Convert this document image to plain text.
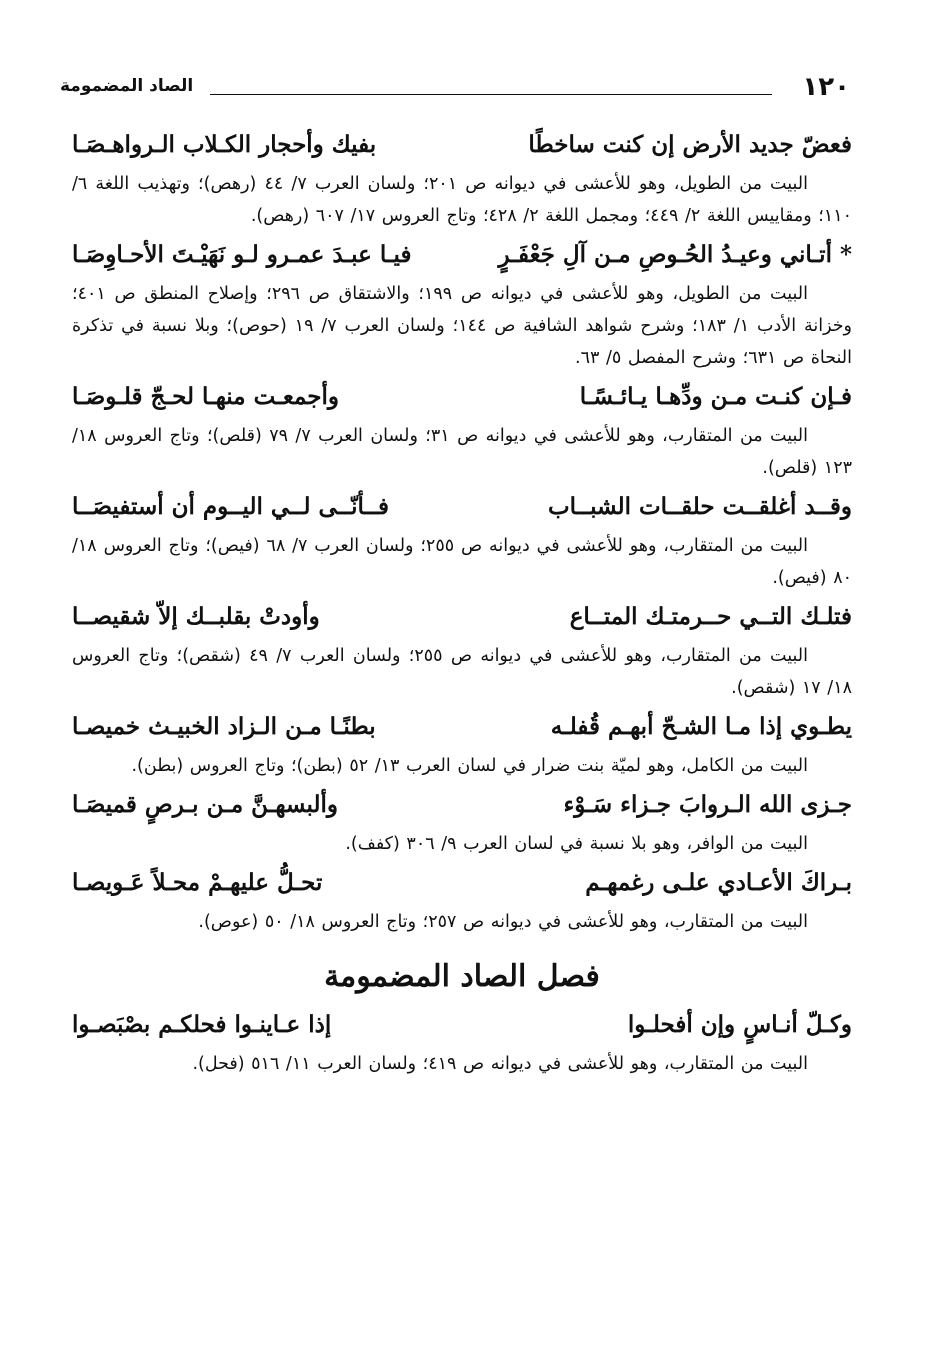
١٢٠
الصاد المضمومة
فعضّ جديد الأرض إن كنت ساخطًا
بفيك وأحجار الكـلاب الـرواهـصَـا

البيت من الطويل، وهو للأعشى في ديوانه ص ٢٠١؛ ولسان العرب ٧/ ٤٤ (رهص)؛ وتهذيب اللغة ٦/ ١١٠؛ ومقاييس اللغة ٢/ ٤٤٩؛ ومجمل اللغة ٢/ ٤٢٨؛ وتاج العروس ١٧/ ٦٠٧ (رهص).

* أتـاني وعيـدُ الحُـوصِ مـن آلِ جَعْفَـرٍ
فيـا عبـدَ عمـرو لـو نَهَيْـتَ الأحـاوِصَـا

البيت من الطويل، وهو للأعشى في ديوانه ص ١٩٩؛ والاشتقاق ص ٢٩٦؛ وإصلاح المنطق ص ٤٠١؛ وخزانة الأدب ١/ ١٨٣؛ وشرح شواهد الشافية ص ١٤٤؛ ولسان العرب ٧/ ١٩ (حوص)؛ وبلا نسبة في تذكرة النحاة ص ٦٣١؛ وشرح المفصل ٥/ ٦٣.

فـإن كنـت مـن ودِّهـا يـائـسًـا
وأجمعـت منهـا لحـجّ قلـوصَـا

البيت من المتقارب، وهو للأعشى في ديوانه ص ٣١؛ ولسان العرب ٧/ ٧٩ (قلص)؛ وتاج العروس ١٨/ ١٢٣ (قلص).

وقــد أغلقــت حلقــات الشبــاب
فــأنّــى لــي اليــوم أن أستفيصَــا

البيت من المتقارب، وهو للأعشى في ديوانه ص ٢٥٥؛ ولسان العرب ٧/ ٦٨ (فيص)؛ وتاج العروس ١٨/ ٨٠ (فيص).

فتلـك التــي حــرمتـك المتــاع
وأودتْ بقلبــك إلاّ شقيصــا

البيت من المتقارب، وهو للأعشى في ديوانه ص ٢٥٥؛ ولسان العرب ٧/ ٤٩ (شقص)؛ وتاج العروس ١٨/ ١٧ (شقص).

يطـوي إذا مـا الشـحّ أبهـم قُفلـه
بطنًـا مـن الـزاد الخبيـث خميصـا

البيت من الكامل، وهو لميّة بنت ضرار في لسان العرب ١٣/ ٥٢ (بطن)؛ وتاج العروس (بطن).

جـزى الله الـروابَ جـزاء سَـوْء
وألبسهـنَّ مـن بـرصٍ قميصَـا

البيت من الوافر، وهو بلا نسبة في لسان العرب ٩/ ٣٠٦ (كفف).

بـراكَ الأعـادي علـى رغمهـم
تحـلُّ عليهـمْ محـلاً عَـويصـا

البيت من المتقارب، وهو للأعشى في ديوانه ص ٢٥٧؛ وتاج العروس ١٨/ ٥٠ (عوص).

فصل الصاد المضمومة
وكـلّ أنـاسٍ وإن أفحلـوا
إذا عـاينـوا فحلكـم بصْبَصـوا

البيت من المتقارب، وهو للأعشى في ديوانه ص ٤١٩؛ ولسان العرب ١١/ ٥١٦ (فحل).
